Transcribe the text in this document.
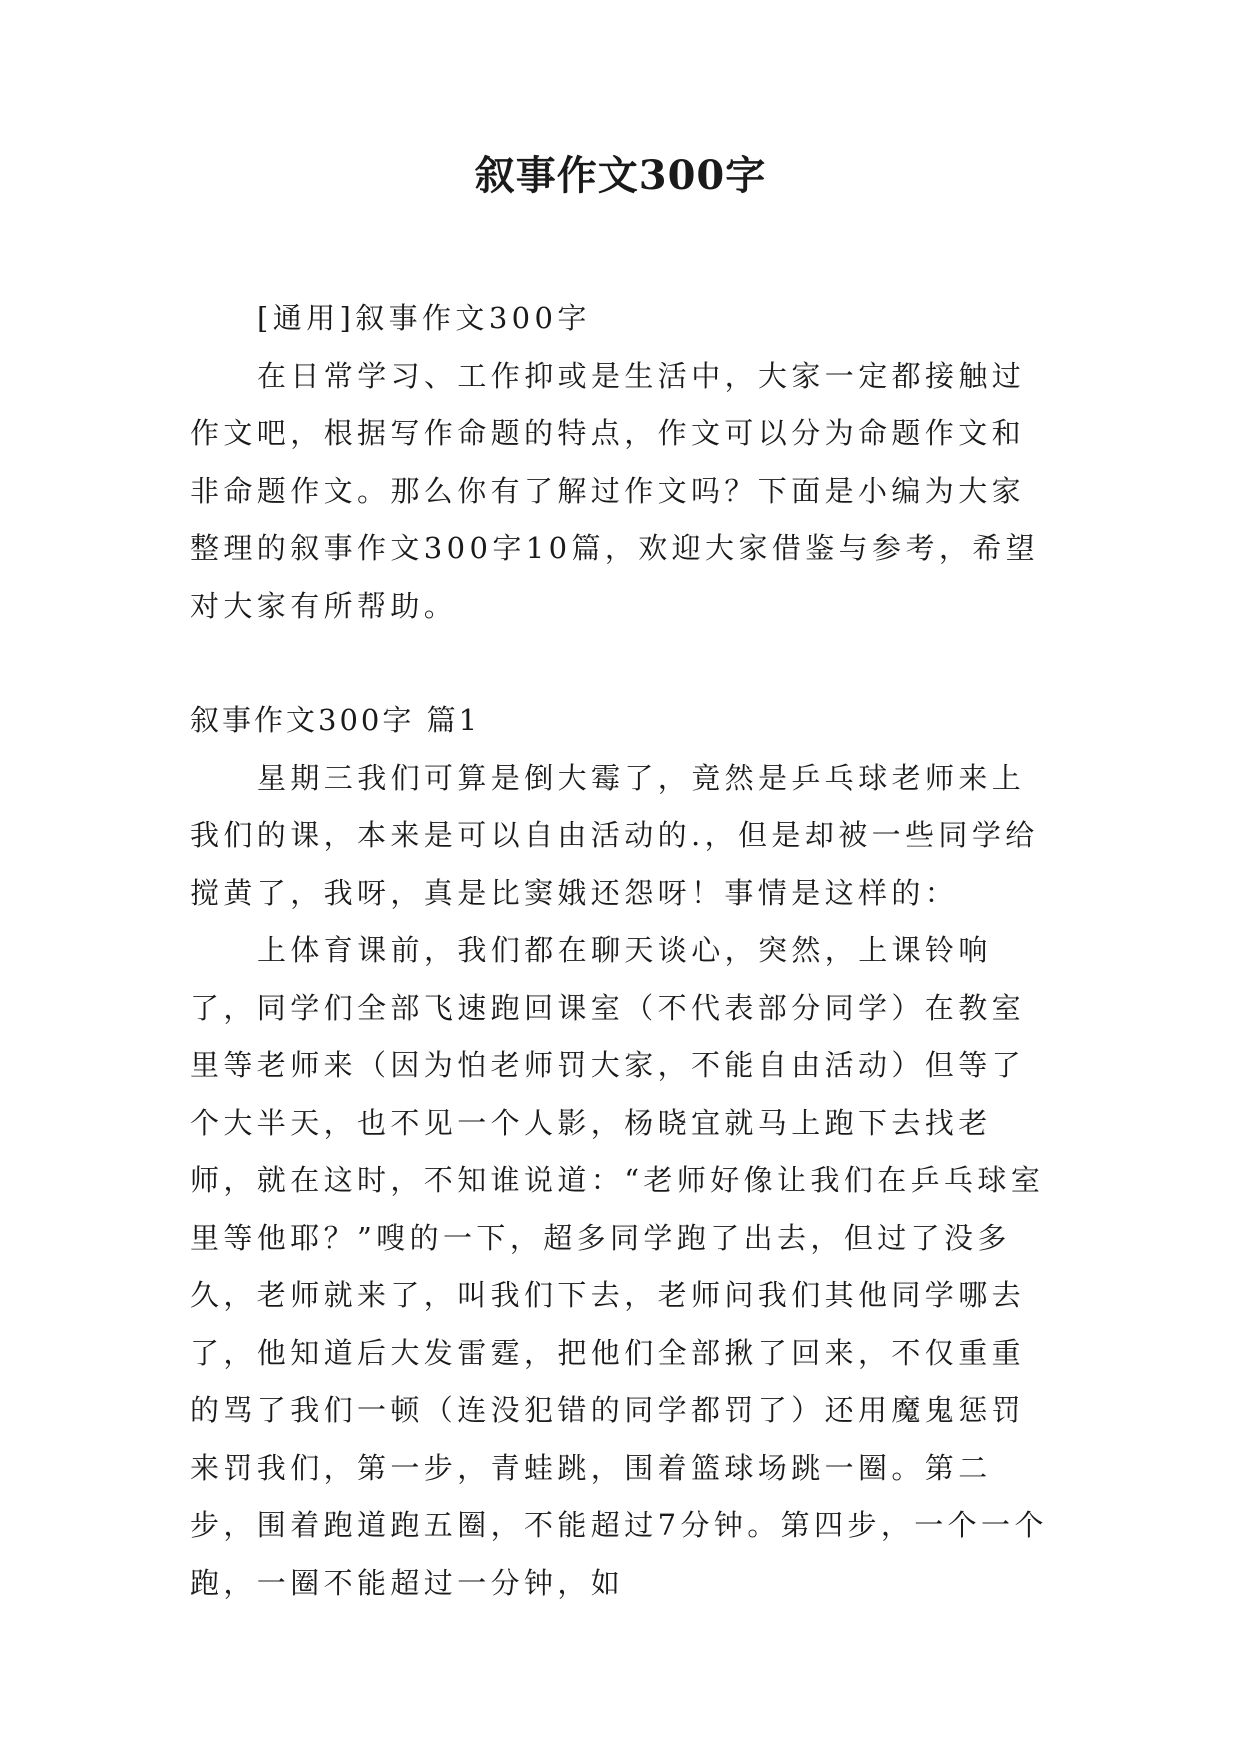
叙事作文300字

[通用]叙事作文300字

在日常学习、工作抑或是生活中，大家一定都接触过作文吧，根据写作命题的特点，作文可以分为命题作文和非命题作文。那么你有了解过作文吗？下面是小编为大家整理的叙事作文300字10篇，欢迎大家借鉴与参考，希望对大家有所帮助。

叙事作文300字 篇1

星期三我们可算是倒大霉了，竟然是乒乓球老师来上我们的课，本来是可以自由活动的.，但是却被一些同学给搅黄了，我呀，真是比窦娥还怨呀！事情是这样的：

上体育课前，我们都在聊天谈心，突然，上课铃响了，同学们全部飞速跑回课室（不代表部分同学）在教室里等老师来（因为怕老师罚大家，不能自由活动）但等了个大半天，也不见一个人影，杨晓宜就马上跑下去找老师，就在这时，不知谁说道：“老师好像让我们在乒乓球室里等他耶？”嗖的一下，超多同学跑了出去，但过了没多久，老师就来了，叫我们下去，老师问我们其他同学哪去了，他知道后大发雷霆，把他们全部揪了回来，不仅重重的骂了我们一顿（连没犯错的同学都罚了）还用魔鬼惩罚来罚我们，第一步，青蛙跳，围着篮球场跳一圈。第二步，围着跑道跑五圈，不能超过7分钟。第四步，一个一个跑，一圈不能超过一分钟，如
